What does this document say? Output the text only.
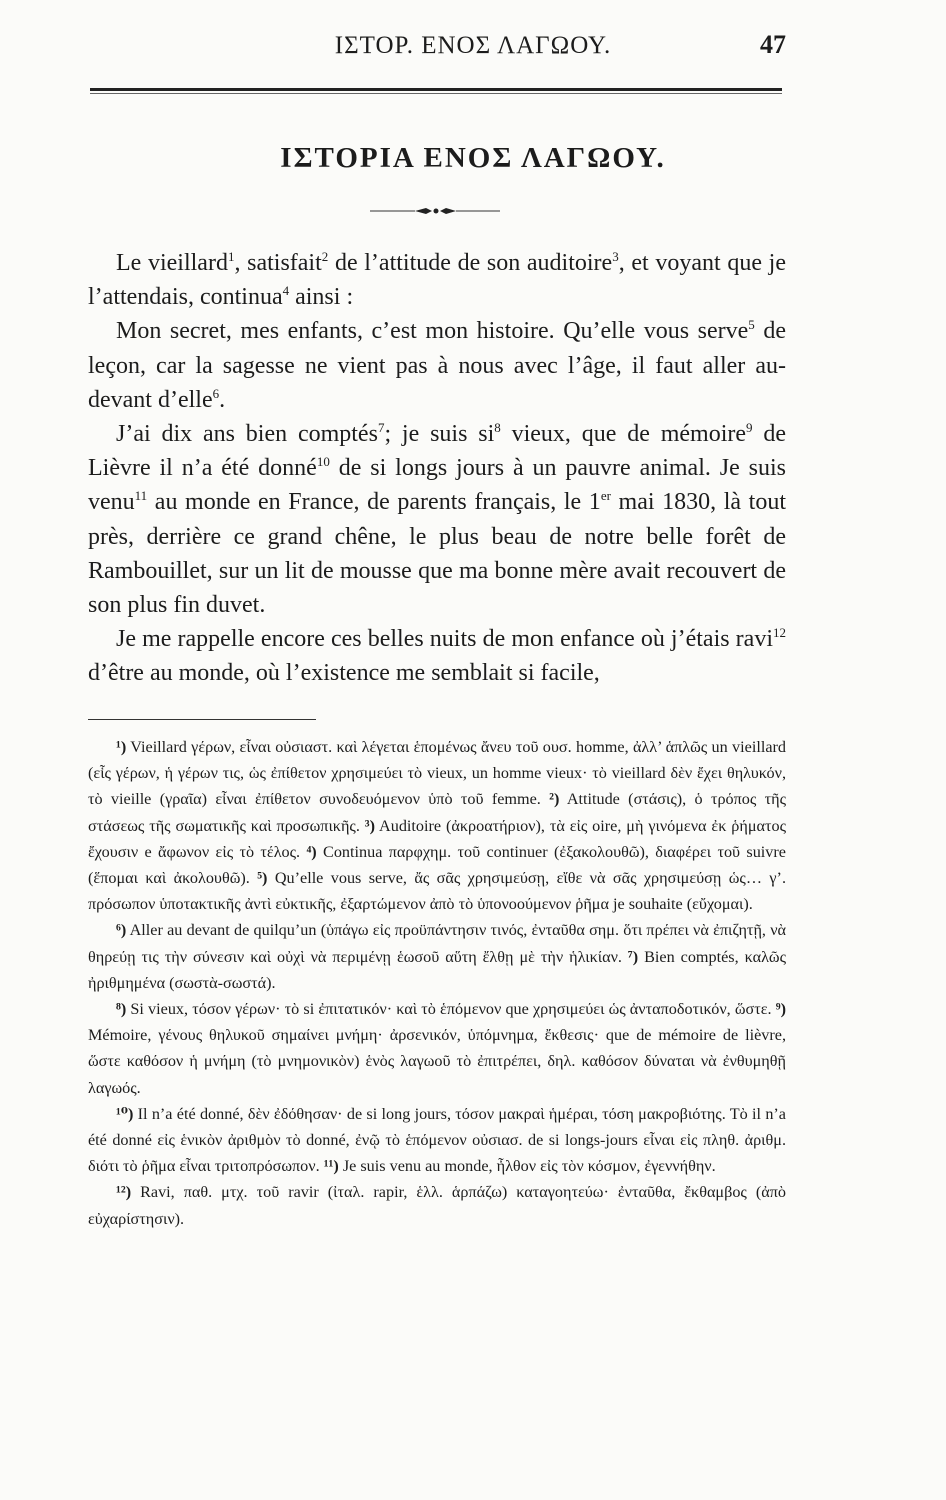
ΙΣΤΟΡ. ΕΝΟΣ ΛΑΓΩΟΥ.	47
ΙΣΤΟΡΙΑ ΕΝΟΣ ΛΑΓΩΟΥ.

Le vieillard$^1$, satisfait$^2$ de l’attitude de son auditoire$^3$, et voyant que je l’attendais, continua$^4$ ainsi :

Mon secret, mes enfants, c’est mon histoire. Qu’elle vous serve$^5$ de leçon, car la sagesse ne vient pas à nous avec l’âge, il faut aller au-devant d’elle$^6$.

J’ai dix ans bien comptés$^7$; je suis $si^8$ vieux, que de mémoire$^9$ de Lièvre il n’a été donné$^{10}$ de si longs jours à un pauvre animal. Je suis venu$^{11}$ au monde en France, de parents français, le 1er mai 1830, là tout près, derrière ce grand chêne, le plus beau de notre belle forêt de Rambouillet, sur un lit de mousse que ma bonne mère avait recouvert de son plus fin duvet.

Je me rappelle encore ces belles nuits de mon enfance où j’étais ravi$^{12}$ d’être au monde, où l’existence me semblait si facile,

¹) Vieillard γέρων, εἶναι οὐσιαστ. καὶ λέγεται ἑπομένως ἄνευ τοῦ ουσ. homme, ἀλλ’ ἁπλῶς un vieillard (εἷς γέρων, ἡ γέρων τις, ὡς ἐπίθετον χρησιμεύει τὸ vieux, un homme vieux· τὸ vieillard δὲν ἔχει θηλυκόν, τὸ vieille (γραῖα) εἶναι ἐπίθετον συνοδευόμενον ὑπὸ τοῦ femme. ²) Attitude (στάσις), ὁ τρόπος τῆς στάσεως τῆς σωματικῆς καὶ προσωπικῆς. ³) Auditoire (ἀκροατήριον), τὰ εἰς oire, μὴ γινόμενα ἐκ ῥήματος ἔχουσιν e ἄφωνον εἰς τὸ τέλος. ⁴) Continua παρφχημ. τοῦ continuer (ἐξακολουθῶ), διαφέρει τοῦ suivre (ἕπομαι καὶ ἀκολουθῶ). ⁵) Qu’elle vous serve, ἄς σᾶς χρησιμεύσῃ, εἴθε νὰ σᾶς χρησιμεύσῃ ὡς… γ’. πρόσωπον ὑποτακτικῆς ἀντὶ εὐκτικῆς, ἐξαρτώμενον ἀπὸ τὸ ὑπονοούμενον ῥῆμα je souhaite (εὔχομαι).

⁶) Aller au devant de quilqu’un (ὑπάγω εἰς προϋπάντησιν τινός, ἐνταῦθα σημ. ὅτι πρέπει νὰ ἐπιζητῇ, νὰ θηρεύῃ τις τὴν σύνεσιν καὶ οὐχὶ νὰ περιμένῃ ἑωσοῦ αὕτη ἔλθῃ μὲ τὴν ἡλικίαν. ⁷) Bien comptés, καλῶς ἠριθμημένα (σωστὰ-σωστά).

⁸) Si vieux, τόσον γέρων· τὸ si ἐπιτατικόν· καὶ τὸ ἑπόμενον que χρησιμεύει ὡς ἀνταποδοτικόν, ὥστε. ⁹) Mémoire, γένους θηλυκοῦ σημαίνει μνήμη· ἀρσενικόν, ὑπόμνημα, ἔκθεσις· que de mémoire de lièvre, ὥστε καθόσον ἡ μνήμη (τὸ μνημονικὸν) ἑνὸς λαγωοῦ τὸ ἐπιτρέπει, δηλ. καθόσον δύναται νὰ ἐνθυμηθῇ λαγωός.

¹⁰) Il n’a été donné, δὲν ἐδόθησαν· de si long jours, τόσον μακραὶ ἡμέραι, τόση μακροβιότης. Τὸ il n’a été donné εἰς ἑνικὸν ἀριθμὸν τὸ donné, ἐνῷ τὸ ἑπόμενον οὐσιασ. de si longs-jours εἶναι εἰς πληθ. ἀριθμ. διότι τὸ ῥῆμα εἶναι τριτοπρόσωπον. ¹¹) Je suis venu au monde, ἦλθον εἰς τὸν κόσμον, ἐγεννήθην.

¹²) Ravi, παθ. μτχ. τοῦ ravir (ἰταλ. rapir, ἑλλ. ἁρπάζω) καταγοητεύω· ἐνταῦθα, ἔκθαμβος (ἀπὸ εὐχαρίστησιν).
